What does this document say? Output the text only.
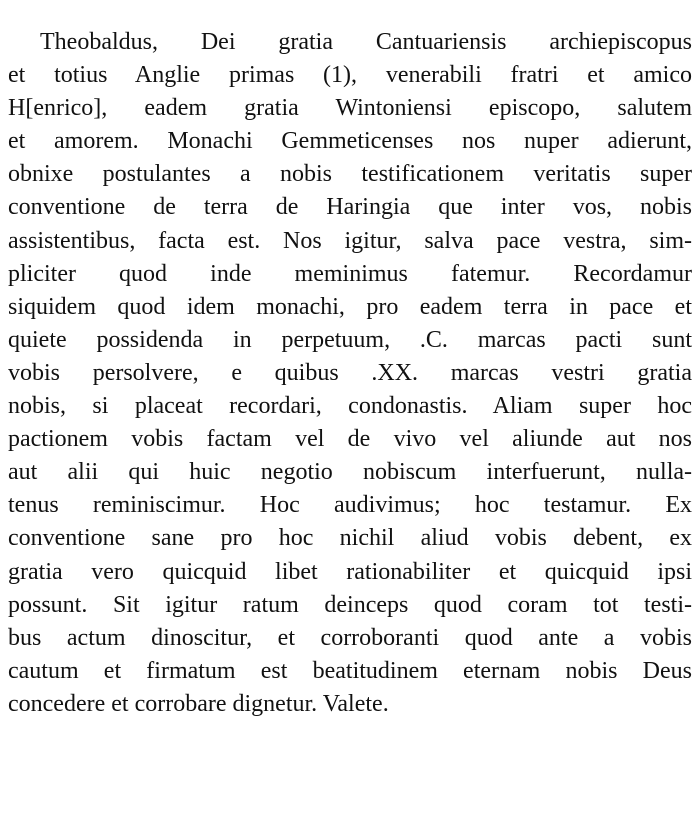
Theobaldus, Dei gratia Cantuariensis archiepiscopus
et totius Anglie primas (1), venerabili fratri et amico
H[enrico], eadem gratia Wintoniensi episcopo, salutem
et amorem. Monachi Gemmeticenses nos nuper adierunt,
obnixe postulantes a nobis testificationem veritatis super
conventione de terra de Haringia que inter vos, nobis
assistentibus, facta est. Nos igitur, salva pace vestra, sim-
pliciter quod inde meminimus fatemur. Recordamur
siquidem quod idem monachi, pro eadem terra in pace et
quiete possidenda in perpetuum, .C. marcas pacti sunt
vobis persolvere, e quibus .XX. marcas vestri gratia
nobis, si placeat recordari, condonastis. Aliam super hoc
pactionem vobis factam vel de vivo vel aliunde aut nos
aut alii qui huic negotio nobiscum interfuerunt, nulla-
tenus reminiscimur. Hoc audivimus; hoc testamur. Ex
conventione sane pro hoc nichil aliud vobis debent, ex
gratia vero quicquid libet rationabiliter et quicquid ipsi
possunt. Sit igitur ratum deinceps quod coram tot testi-
bus actum dinoscitur, et corroboranti quod ante a vobis
cautum et firmatum est beatitudinem eternam nobis Deus
concedere et corrobare dignetur. Valete.
